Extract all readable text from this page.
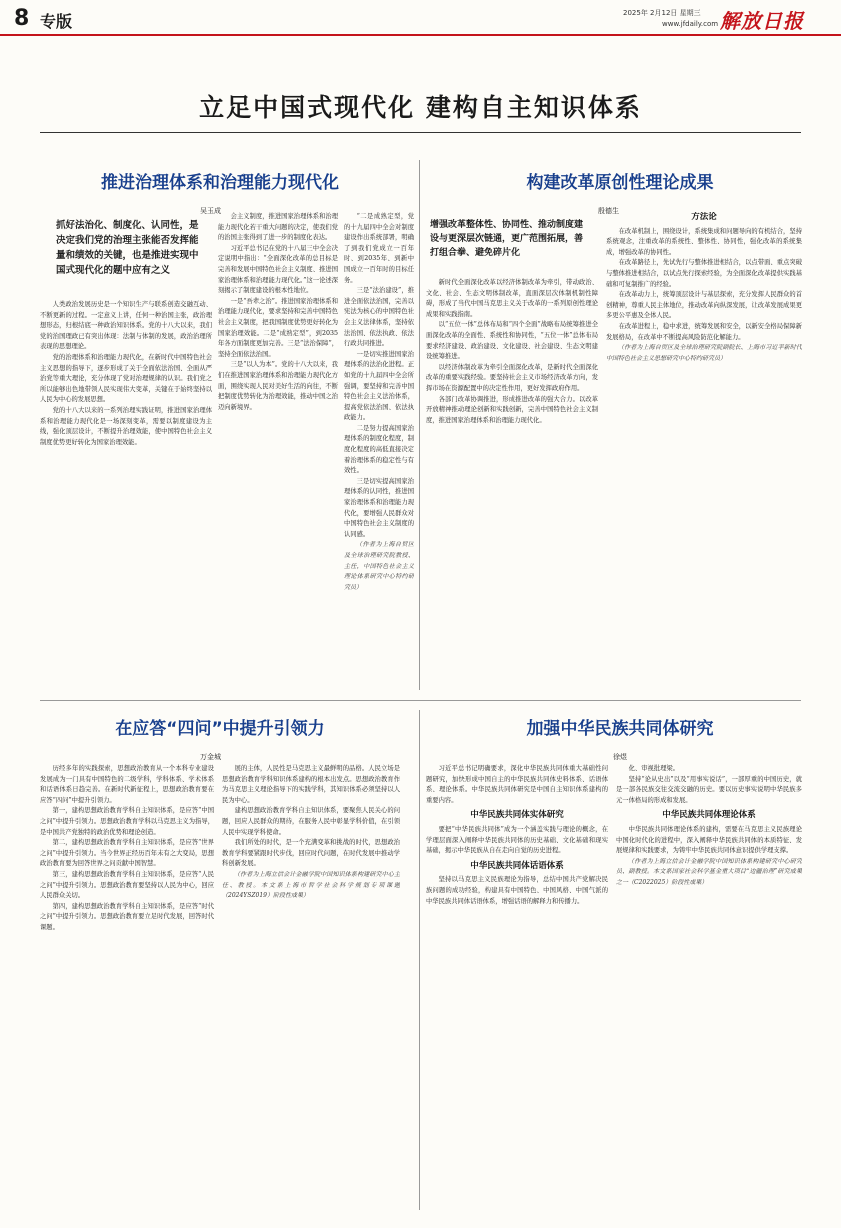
8 专版	2025年 2月12日 星期三
www.jfdaily.com 解放日报
立足中国式现代化 建构自主知识体系
推进治理体系和治理能力现代化
吴玉成
抓好法治化、制度化、认同性，是决定我们党的治理主张能否发挥能量和绩效的关键，也是推进实现中国式现代化的题中应有之义

人类政治发展历史是一个知识生产与联系创造交融互动、不断更新的过程。一定意义上讲，任何一种治国主张，政治理想形态，归根结底一种政治知识体系。党的十八大以来，我们党的治国理政已有突出体现：法制与体制的发展，政治治理所表现的思想理论。

党的治理体系和治理能力现代化，在新时代中国特色社会主义思想的指导下，逐步形成了关于全面依法治国、全面从严治党等重大理论，充分体现了党对治理规律的认识。我们党之所以能够出色地带领人民实现伟大变革，关键在于始终坚持以人民为中心的发展思想。

党的十八大以来的一系列治理实践证明，推进国家治理体系和治理能力现代化是一场深刻变革，需要以制度建设为主线，强化顶层设计，不断提升治理效能，使中国特色社会主义制度优势更好转化为国家治理效能。

会主义制度，推进国家治理体系和治理能力现代化若干重大问题的决定，使我们党的治国主张得到了进一步的制度化表达。

习近平总书记在党的十八届三中全会决定说明中指出：“全面深化改革的总目标是完善和发展中国特色社会主义制度、推进国家治理体系和治理能力现代化。”这一论述深刻揭示了制度建设的根本性地位。

一是“吾辈之治”。推进国家治理体系和治理能力现代化，要求坚持和完善中国特色社会主义制度，把我国制度优势更好转化为国家治理效能。二是“成熟定型”，到2035年各方面制度更加完善。三是“法治保障”，坚持全面依法治国。

三是“以人为本”。党的十八大以来，我们在推进国家治理体系和治理能力现代化方面，围绕实现人民对美好生活的向往，不断把制度优势转化为治理效能，推动中国之治迈向新境界。

构建改革原创性理论成果
殷德生
增强改革整体性、协同性、推动制度建设与更深层次链通，更广范围拓展，善打组合拳、避免碎片化

新时代全面深化改革以经济体制改革为牵引，带动政治、文化、社会、生态文明体制改革，直面深层次体制机制性障碍，形成了当代中国马克思主义关于改革的一系列原创性理论成果和实践指南。

以“五位一体”总体布局和“四个全面”战略布局统筹推进全面深化改革的全面性、系统性和协同性，“五位一体”总体布局要求经济建设、政治建设、文化建设、社会建设、生态文明建设统筹推进。

以经济体制改革为牵引全面深化改革，是新时代全面深化改革的重要实践经验。要坚持社会主义市场经济改革方向，发挥市场在资源配置中的决定性作用，更好发挥政府作用。

各部门改革协调推进，形成推进改革的强大合力。以改革开放精神推动理论创新和实践创新，完善中国特色社会主义制度，推进国家治理体系和治理能力现代化。

方法论

在改革机制上，围绕设计，系统集成和问题导向的有机结合，坚持系统观念，注重改革的系统性、整体性、协同性，强化改革的系统集成，增强改革的协同性。

在改革路径上，先试先行与整体推进相结合，以点带面、重点突破与整体推进相结合，以试点先行探索经验，为全面深化改革提供实践基础和可复制推广的经验。

在改革动力上，统筹顶层设计与基层探索，充分发挥人民群众的首创精神，尊重人民主体地位，推动改革向纵深发展，让改革发展成果更多更公平惠及全体人民。

在改革进程上，稳中求进，统筹发展和安全，以新安全格局保障新发展格局，在改革中不断提高风险防范化解能力。

（作者为上海自贸区及全球治理研究院副院长、上海市习近平新时代中国特色社会主义思想研究中心特约研究员）

在应答“四问”中提升引领力
万金城

历经多年的实践探索，思想政治教育从一个本科专业建设发展成为一门具有中国特色的二级学科，学科体系、学术体系和话语体系日趋完善。在新时代新征程上，思想政治教育要在应答“四问”中提升引领力。

第一，建构思想政治教育学科自主知识体系，是应答“中国之问”中提升引领力。思想政治教育学科以马克思主义为指导，是中国共产党独特的政治优势和理论创造。

第二，建构思想政治教育学科自主知识体系，是应答“世界之问”中提升引领力。当今世界正经历百年未有之大变局，思想政治教育要为回答世界之问贡献中国智慧。

第三，建构思想政治教育学科自主知识体系，是应答“人民之问”中提升引领力。思想政治教育要坚持以人民为中心，回应人民群众关切。

第四，建构思想政治教育学科自主知识体系，是应答“时代之问”中提升引领力。思想政治教育要立足时代发展，回答时代课题。

展的主体，人民性是马克思主义最鲜明的品格。人民立场是思想政治教育学科知识体系建构的根本出发点。思想政治教育作为马克思主义理论指导下的实践学科，其知识体系必须坚持以人民为中心。

建构思想政治教育学科自主知识体系，要聚焦人民关心的问题，回应人民群众的期待，在服务人民中彰显学科价值，在引领人民中实现学科使命。

我们所处的时代，是一个充满变革和挑战的时代，思想政治教育学科要紧跟时代步伐，回应时代问题，在时代发展中推动学科创新发展。

（作者为上海立信会计金融学院中国知识体系构建研究中心主任、教授。本文系上海市哲学社会科学规划专项课题（2024YSZ019）阶段性成果）

加强中华民族共同体研究
徐煜

习近平总书记明确要求，深化中华民族共同体重大基础性问题研究，加快形成中国自主的中华民族共同体史料体系、话语体系、理论体系。中华民族共同体研究是中国自主知识体系建构的重要内容。

中华民族共同体实体研究

要把“中华民族共同体”成为一个涵盖实践与理论的概念，在学理层面深入阐释中华民族共同体的历史基础、文化基础和现实基础，揭示中华民族从自在走向自觉的历史进程。

中华民族共同体话语体系

坚持以马克思主义民族理论为指导，总结中国共产党解决民族问题的成功经验，构建具有中国特色、中国风格、中国气派的中华民族共同体话语体系，增强话语的解释力和传播力。

化、审视批理梁。

坚持“论从史出”以及“用事实说话”，一部厚重的中国历史，就是一部各民族交往交流交融的历史。要以历史事实说明中华民族多元一体格局的形成和发展。

中华民族共同体理论体系

中华民族共同体理论体系的建构，需要在马克思主义民族理论中国化时代化的进程中，深入阐释中华民族共同体的本质特征、发展规律和实践要求，为铸牢中华民族共同体意识提供学理支撑。

（作者为上海立信会计金融学院中国知识体系构建研究中心研究员、副教授。本文系国家社会科学基金重大项目“边疆治理”研究成果之一（C2022025）阶段性成果）

“二是成熟定型，党的十九届四中全会对制度建设作出系统部署，明确了到我们党成立一百年时、到2035年、到新中国成立一百年时的目标任务。

三是“法治建设”，推进全面依法治国，完善以宪法为核心的中国特色社会主义法律体系，坚持依法治国、依法执政、依法行政共同推进。

一是切实推进国家治理体系的法治化进程。正如党的十九届四中全会所强调，要坚持和完善中国特色社会主义法治体系，提高党依法治国、依法执政能力。

二是努力提高国家治理体系的制度化程度，制度化程度的高低直接决定着治理体系的稳定性与有效性。

三是切实提高国家治理体系的认同性，推进国家治理体系和治理能力现代化，要增强人民群众对中国特色社会主义制度的认同感。

（作者为上海自贸区及全球治理研究院教授、主任，中国特色社会主义理论体系研究中心特约研究员）
